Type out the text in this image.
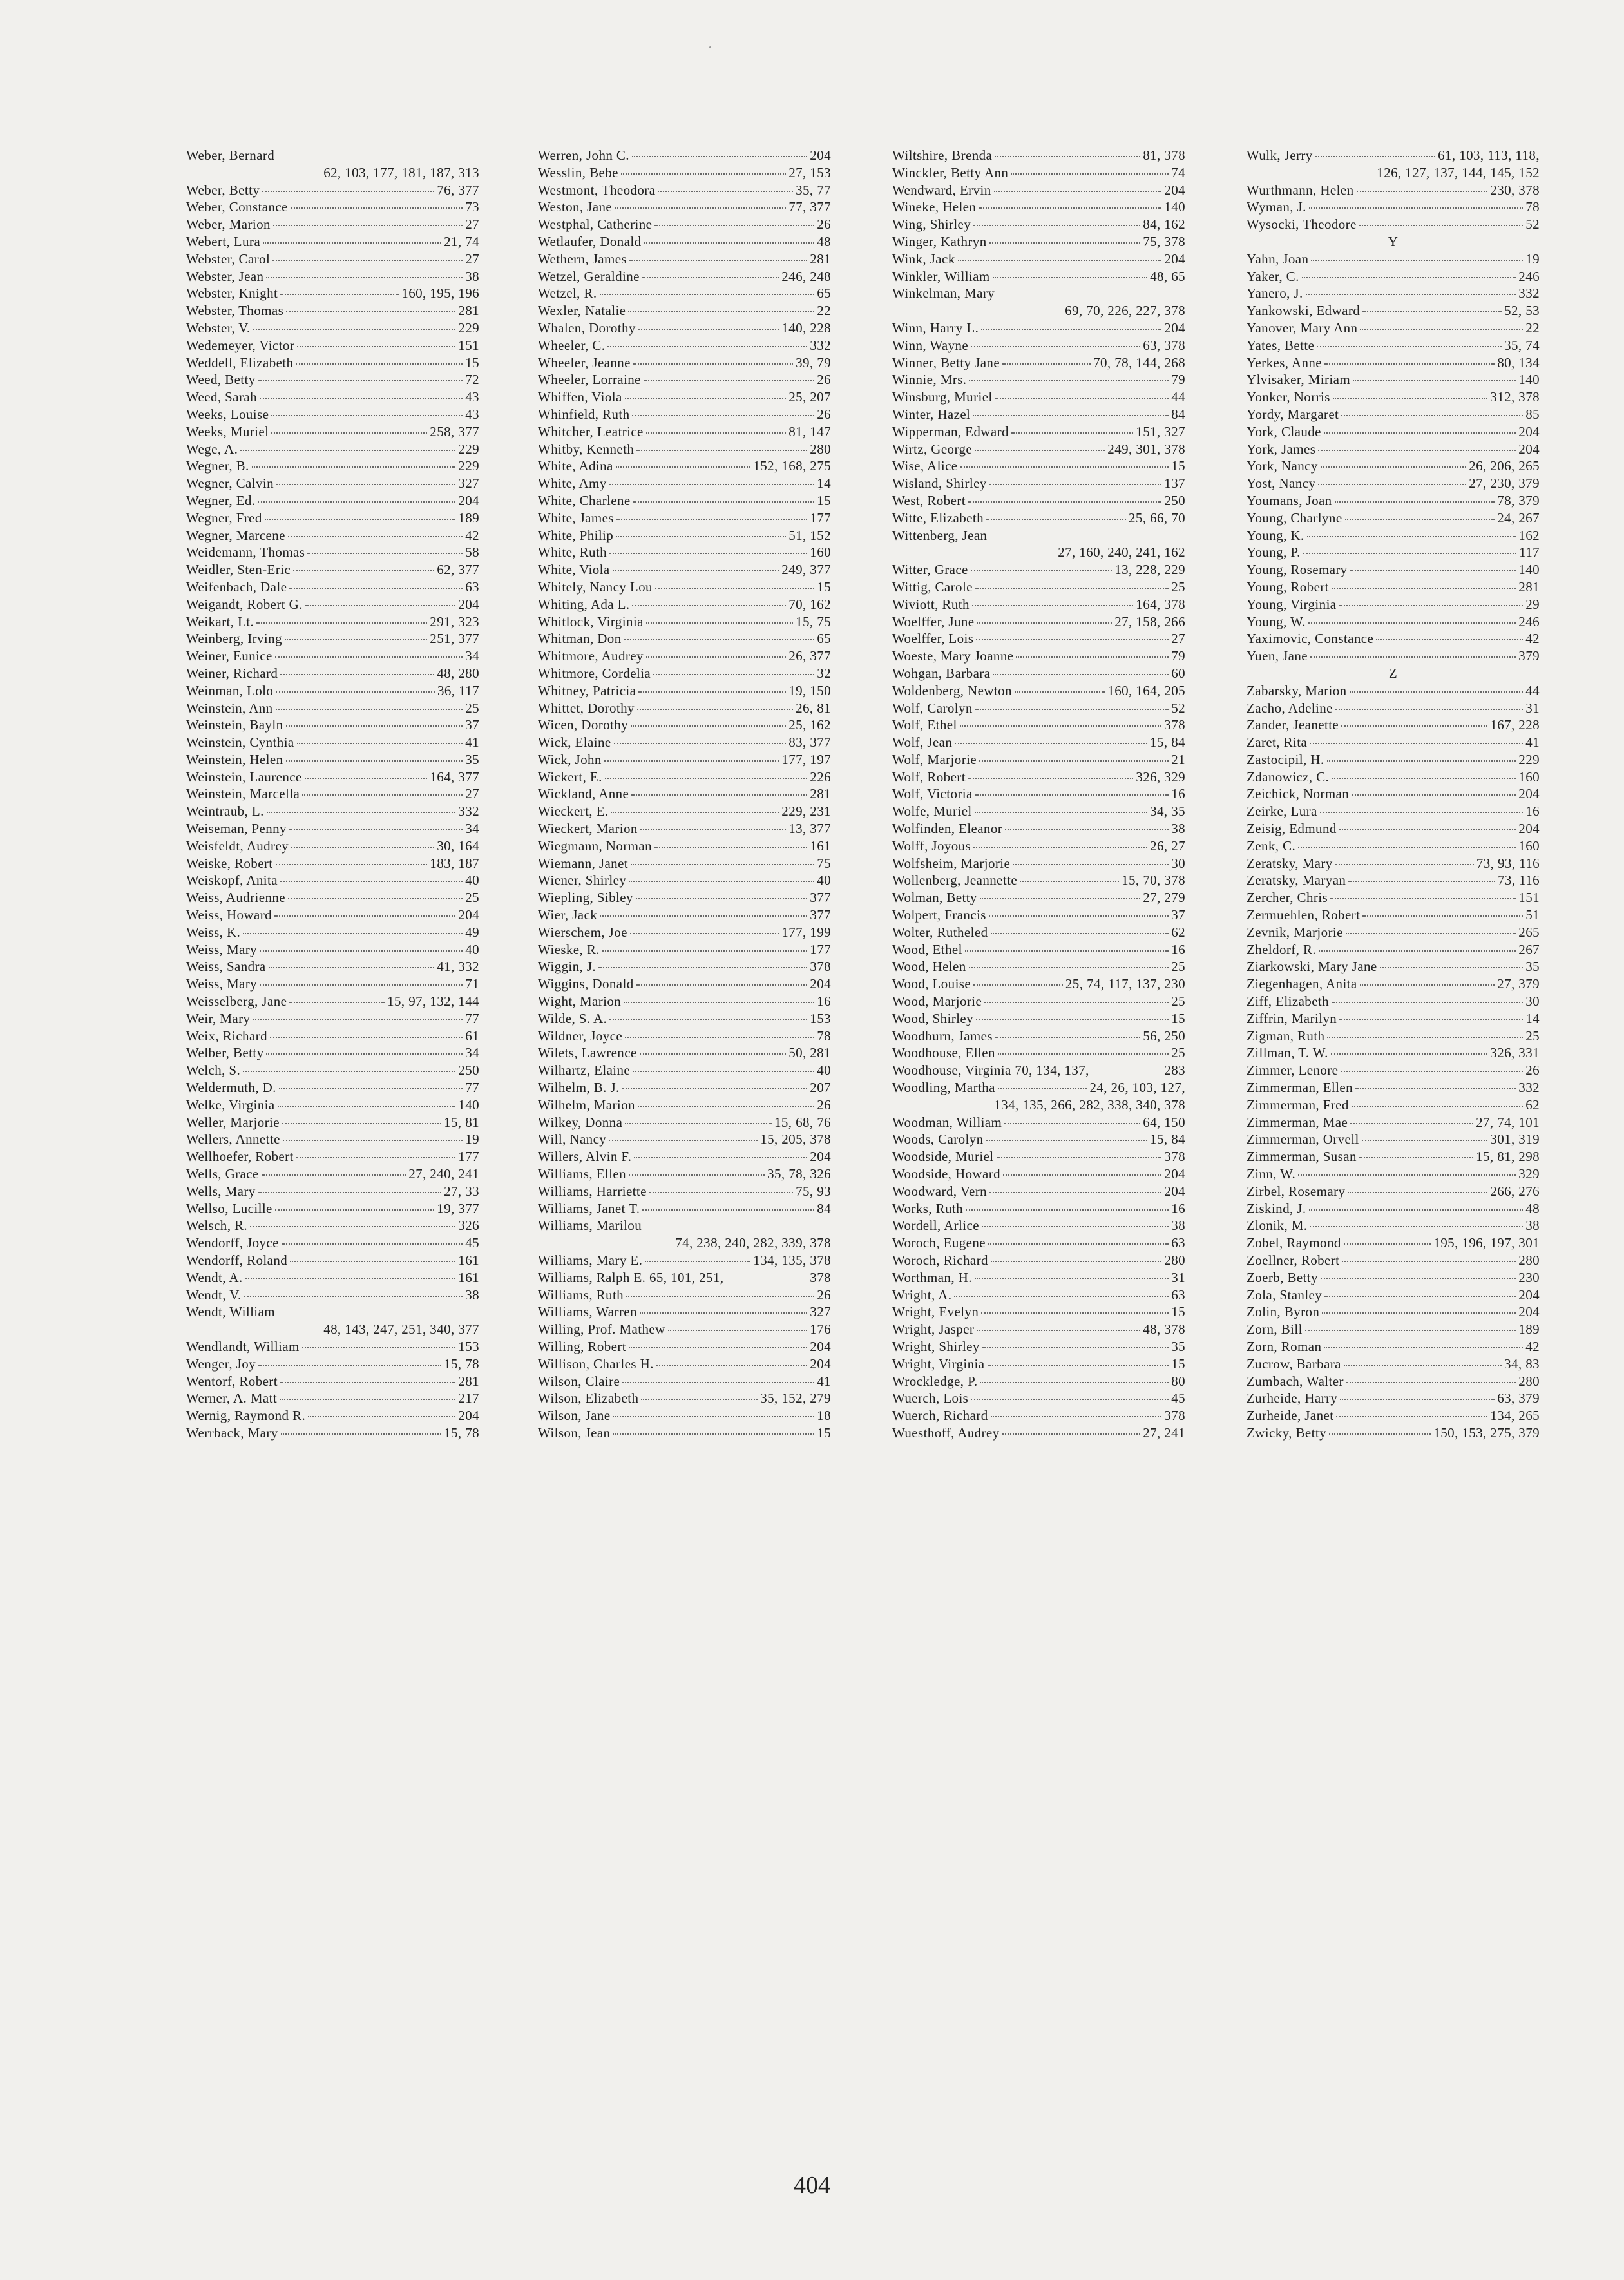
Weber, Bernard
62, 103, 177, 181, 187, 313
Weber, Betty	76, 377
Weber, Constance	73
Weber, Marion	27
Webert, Lura	21, 74
Webster, Carol	27
Webster, Jean	38
Webster, Knight	160, 195, 196
Webster, Thomas	281
Webster, V.	229
Wedemeyer, Victor	151
Weddell, Elizabeth	15
Weed, Betty	72
Weed, Sarah	43
Weeks, Louise	43
Weeks, Muriel	258, 377
Wege, A.	229
Wegner, B.	229
Wegner, Calvin	327
Wegner, Ed.	204
Wegner, Fred	189
Wegner, Marcene	42
Weidemann, Thomas	58
Weidler, Sten-Eric	62, 377
Weifenbach, Dale	63
Weigandt, Robert G.	204
Weikart, Lt.	291, 323
Weinberg, Irving	251, 377
Weiner, Eunice	34
Weiner, Richard	48, 280
Weinman, Lolo	36, 117
Weinstein, Ann	25
Weinstein, Bayln	37
Weinstein, Cynthia	41
Weinstein, Helen	35
Weinstein, Laurence	164, 377
Weinstein, Marcella	27
Weintraub, L.	332
Weiseman, Penny	34
Weisfeldt, Audrey	30, 164
Weiske, Robert	183, 187
Weiskopf, Anita	40
Weiss, Audrienne	25
Weiss, Howard	204
Weiss, K.	49
Weiss, Mary	40
Weiss, Sandra	41, 332
Weiss, Mary	71
Weisselberg, Jane	15, 97, 132, 144
Weir, Mary	77
Weix, Richard	61
Welber, Betty	34
Welch, S.	250
Weldermuth, D.	77
Welke, Virginia	140
Weller, Marjorie	15, 81
Wellers, Annette	19
Wellhoefer, Robert	177
Wells, Grace	27, 240, 241
Wells, Mary	27, 33
Wellso, Lucille	19, 377
Welsch, R.	326
Wendorff, Joyce	45
Wendorff, Roland	161
Wendt, A.	161
Wendt, V.	38
Wendt, William
48, 143, 247, 251, 340, 377
Wendlandt, William	153
Wenger, Joy	15, 78
Wentorf, Robert	281
Werner, A. Matt	217
Wernig, Raymond R.	204
Werrback, Mary	15, 78
Werren, John C.	204
Wesslin, Bebe	27, 153
Westmont, Theodora	35, 77
Weston, Jane	77, 377
Westphal, Catherine	26
Wetlaufer, Donald	48
Wethern, James	281
Wetzel, Geraldine	246, 248
Wetzel, R.	65
Wexler, Natalie	22
Whalen, Dorothy	140, 228
Wheeler, C.	332
Wheeler, Jeanne	39, 79
Wheeler, Lorraine	26
Whiffen, Viola	25, 207
Whinfield, Ruth	26
Whitcher, Leatrice	81, 147
Whitby, Kenneth	280
White, Adina	152, 168, 275
White, Amy	14
White, Charlene	15
White, James	177
White, Philip	51, 152
White, Ruth	160
White, Viola	249, 377
Whitely, Nancy Lou	15
Whiting, Ada L.	70, 162
Whitlock, Virginia	15, 75
Whitman, Don	65
Whitmore, Audrey	26, 377
Whitmore, Cordelia	32
Whitney, Patricia	19, 150
Whittet, Dorothy	26, 81
Wicen, Dorothy	25, 162
Wick, Elaine	83, 377
Wick, John	177, 197
Wickert, E.	226
Wickland, Anne	281
Wieckert, E.	229, 231
Wieckert, Marion	13, 377
Wiegmann, Norman	161
Wiemann, Janet	75
Wiener, Shirley	40
Wiepling, Sibley	377
Wier, Jack	377
Wierschem, Joe	177, 199
Wieske, R.	177
Wiggin, J.	378
Wiggins, Donald	204
Wight, Marion	16
Wilde, S. A.	153
Wildner, Joyce	78
Wilets, Lawrence	50, 281
Wilhartz, Elaine	40
Wilhelm, B. J.	207
Wilhelm, Marion	26
Wilkey, Donna	15, 68, 76
Will, Nancy	15, 205, 378
Willers, Alvin F.	204
Williams, Ellen	35, 78, 326
Williams, Harriette	75, 93
Williams, Janet T.	84
Williams, Marilou
74, 238, 240, 282, 339, 378
Williams, Mary E.	134, 135, 378
Williams, Ralph E. 65, 101, 251,	378
Williams, Ruth	26
Williams, Warren	327
Willing, Prof. Mathew	176
Willing, Robert	204
Willison, Charles H.	204
Wilson, Claire	41
Wilson, Elizabeth	35, 152, 279
Wilson, Jane	18
Wilson, Jean	15
Wiltshire, Brenda	81, 378
Winckler, Betty Ann	74
Wendward, Ervin	204
Wineke, Helen	140
Wing, Shirley	84, 162
Winger, Kathryn	75, 378
Wink, Jack	204
Winkler, William	48, 65
Winkelman, Mary
69, 70, 226, 227, 378
Winn, Harry L.	204
Winn, Wayne	63, 378
Winner, Betty Jane	70, 78, 144, 268
Winnie, Mrs.	79
Winsburg, Muriel	44
Winter, Hazel	84
Wipperman, Edward	151, 327
Wirtz, George	249, 301, 378
Wise, Alice	15
Wisland, Shirley	137
West, Robert	250
Witte, Elizabeth	25, 66, 70
Wittenberg, Jean
27, 160, 240, 241, 162
Witter, Grace	13, 228, 229
Wittig, Carole	25
Wiviott, Ruth	164, 378
Woelffer, June	27, 158, 266
Woelffer, Lois	27
Woeste, Mary Joanne	79
Wohgan, Barbara	60
Woldenberg, Newton	160, 164, 205
Wolf, Carolyn	52
Wolf, Ethel	378
Wolf, Jean	15, 84
Wolf, Marjorie	21
Wolf, Robert	326, 329
Wolf, Victoria	16
Wolfe, Muriel	34, 35
Wolfinden, Eleanor	38
Wolff, Joyous	26, 27
Wolfsheim, Marjorie	30
Wollenberg, Jeannette	15, 70, 378
Wolman, Betty	27, 279
Wolpert, Francis	37
Wolter, Rutheled	62
Wood, Ethel	16
Wood, Helen	25
Wood, Louise	25, 74, 117, 137, 230
Wood, Marjorie	25
Wood, Shirley	15
Woodburn, James	56, 250
Woodhouse, Ellen	25
Woodhouse, Virginia 70, 134, 137,	283
Woodling, Martha	24, 26, 103, 127,
134, 135, 266, 282, 338, 340, 378
Woodman, William	64, 150
Woods, Carolyn	15, 84
Woodside, Muriel	378
Woodside, Howard	204
Woodward, Vern	204
Works, Ruth	16
Wordell, Arlice	38
Woroch, Eugene	63
Woroch, Richard	280
Worthman, H.	31
Wright, A.	63
Wright, Evelyn	15
Wright, Jasper	48, 378
Wright, Shirley	35
Wright, Virginia	15
Wrockledge, P.	80
Wuerch, Lois	45
Wuerch, Richard	378
Wuesthoff, Audrey	27, 241
Wulk, Jerry	61, 103, 113, 118,
126, 127, 137, 144, 145, 152
Wurthmann, Helen	230, 378
Wyman, J.	78
Wysocki, Theodore	52
Y
Yahn, Joan	19
Yaker, C.	246
Yanero, J.	332
Yankowski, Edward	52, 53
Yanover, Mary Ann	22
Yates, Bette	35, 74
Yerkes, Anne	80, 134
Ylvisaker, Miriam	140
Yonker, Norris	312, 378
Yordy, Margaret	85
York, Claude	204
York, James	204
York, Nancy	26, 206, 265
Yost, Nancy	27, 230, 379
Youmans, Joan	78, 379
Young, Charlyne	24, 267
Young, K.	162
Young, P.	117
Young, Rosemary	140
Young, Robert	281
Young, Virginia	29
Young, W.	246
Yaximovic, Constance	42
Yuen, Jane	379
Z
Zabarsky, Marion	44
Zacho, Adeline	31
Zander, Jeanette	167, 228
Zaret, Rita	41
Zastocipil, H.	229
Zdanowicz, C.	160
Zeichick, Norman	204
Zeirke, Lura	16
Zeisig, Edmund	204
Zenk, C.	160
Zeratsky, Mary	73, 93, 116
Zeratsky, Maryan	73, 116
Zercher, Chris	151
Zermuehlen, Robert	51
Zevnik, Marjorie	265
Zheldorf, R.	267
Ziarkowski, Mary Jane	35
Ziegenhagen, Anita	27, 379
Ziff, Elizabeth	30
Ziffrin, Marilyn	14
Zigman, Ruth	25
Zillman, T. W.	326, 331
Zimmer, Lenore	26
Zimmerman, Ellen	332
Zimmerman, Fred	62
Zimmerman, Mae	27, 74, 101
Zimmerman, Orvell	301, 319
Zimmerman, Susan	15, 81, 298
Zinn, W.	329
Zirbel, Rosemary	266, 276
Ziskind, J.	48
Zlonik, M.	38
Zobel, Raymond	195, 196, 197, 301
Zoellner, Robert	280
Zoerb, Betty	230
Zola, Stanley	204
Zolin, Byron	204
Zorn, Bill	189
Zorn, Roman	42
Zucrow, Barbara	34, 83
Zumbach, Walter	280
Zurheide, Harry	63, 379
Zurheide, Janet	134, 265
Zwicky, Betty	150, 153, 275, 379
404
